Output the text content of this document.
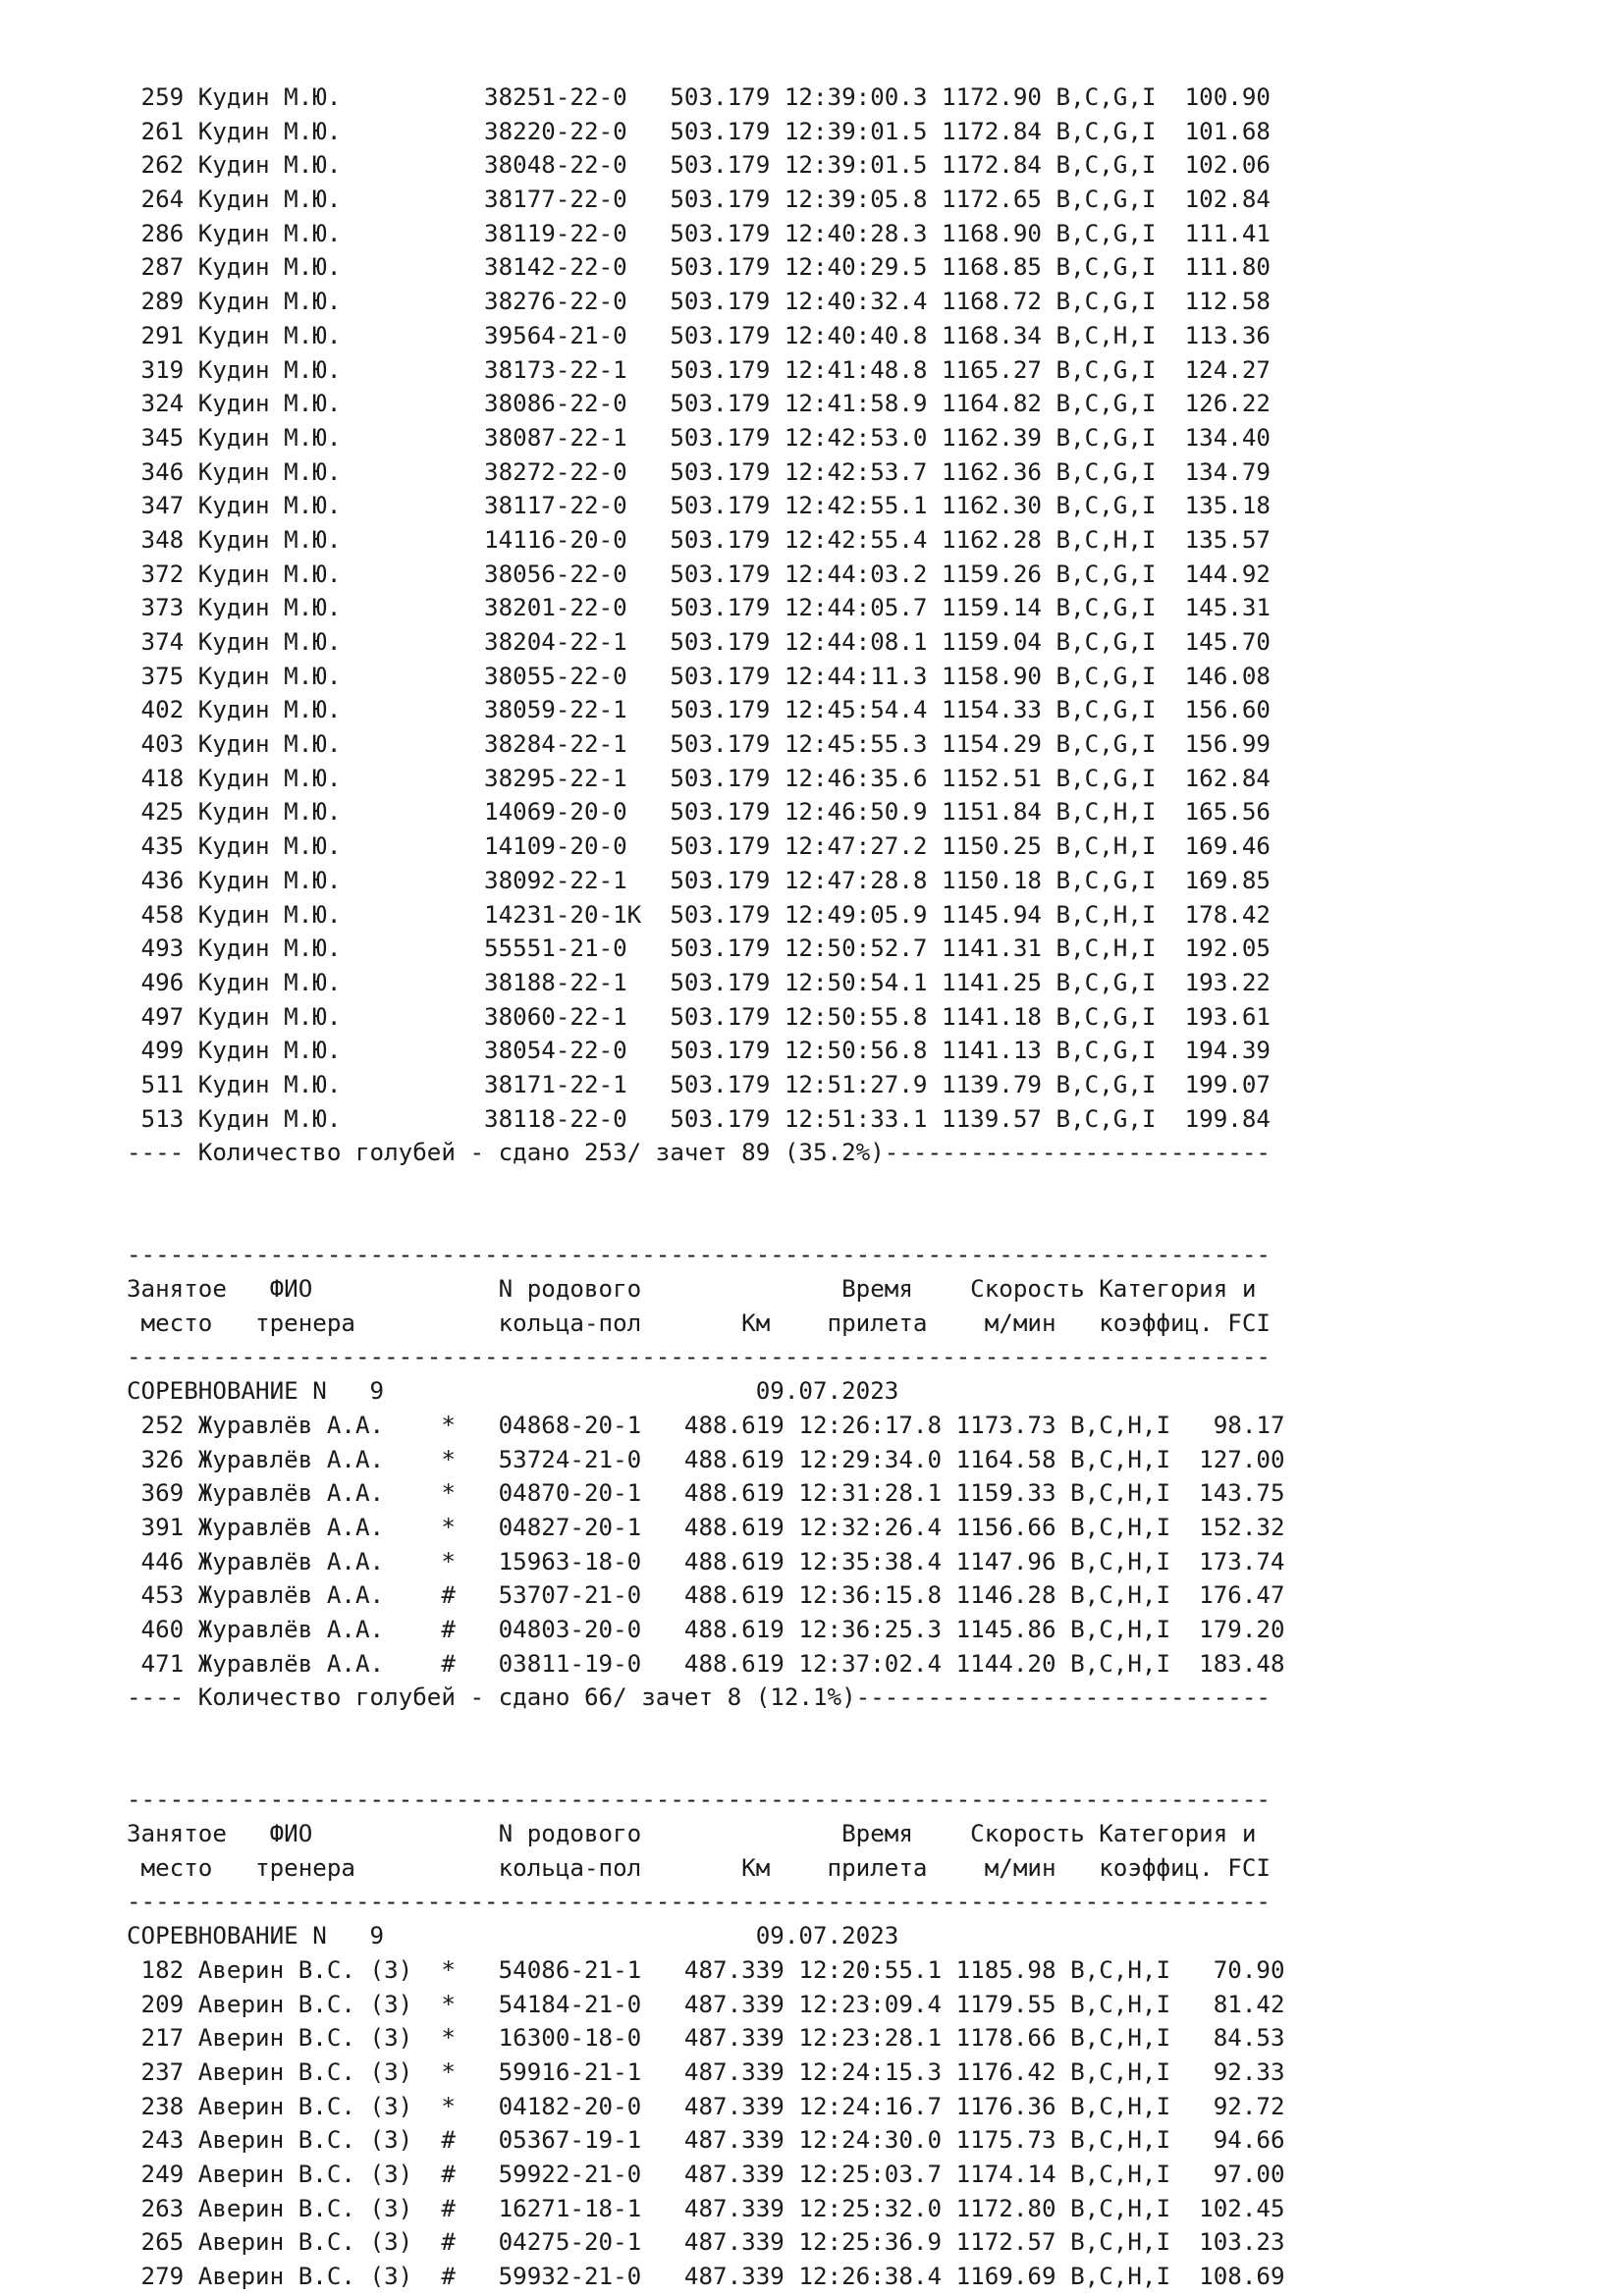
259 Кудин М.Ю.          38251-22-0   503.179 12:39:00.3 1172.90 B,C,G,I  100.90
261 Кудин М.Ю.          38220-22-0   503.179 12:39:01.5 1172.84 B,C,G,I  101.68
262 Кудин М.Ю.          38048-22-0   503.179 12:39:01.5 1172.84 B,C,G,I  102.06
264 Кудин М.Ю.          38177-22-0   503.179 12:39:05.8 1172.65 B,C,G,I  102.84
286 Кудин М.Ю.          38119-22-0   503.179 12:40:28.3 1168.90 B,C,G,I  111.41
287 Кудин М.Ю.          38142-22-0   503.179 12:40:29.5 1168.85 B,C,G,I  111.80
289 Кудин М.Ю.          38276-22-0   503.179 12:40:32.4 1168.72 B,C,G,I  112.58
291 Кудин М.Ю.          39564-21-0   503.179 12:40:40.8 1168.34 B,C,H,I  113.36
319 Кудин М.Ю.          38173-22-1   503.179 12:41:48.8 1165.27 B,C,G,I  124.27
324 Кудин М.Ю.          38086-22-0   503.179 12:41:58.9 1164.82 B,C,G,I  126.22
345 Кудин М.Ю.          38087-22-1   503.179 12:42:53.0 1162.39 B,C,G,I  134.40
346 Кудин М.Ю.          38272-22-0   503.179 12:42:53.7 1162.36 B,C,G,I  134.79
347 Кудин М.Ю.          38117-22-0   503.179 12:42:55.1 1162.30 B,C,G,I  135.18
348 Кудин М.Ю.          14116-20-0   503.179 12:42:55.4 1162.28 B,C,H,I  135.57
372 Кудин М.Ю.          38056-22-0   503.179 12:44:03.2 1159.26 B,C,G,I  144.92
373 Кудин М.Ю.          38201-22-0   503.179 12:44:05.7 1159.14 B,C,G,I  145.31
374 Кудин М.Ю.          38204-22-1   503.179 12:44:08.1 1159.04 B,C,G,I  145.70
375 Кудин М.Ю.          38055-22-0   503.179 12:44:11.3 1158.90 B,C,G,I  146.08
402 Кудин М.Ю.          38059-22-1   503.179 12:45:54.4 1154.33 B,C,G,I  156.60
403 Кудин М.Ю.          38284-22-1   503.179 12:45:55.3 1154.29 B,C,G,I  156.99
418 Кудин М.Ю.          38295-22-1   503.179 12:46:35.6 1152.51 B,C,G,I  162.84
425 Кудин М.Ю.          14069-20-0   503.179 12:46:50.9 1151.84 B,C,H,I  165.56
435 Кудин М.Ю.          14109-20-0   503.179 12:47:27.2 1150.25 B,C,H,I  169.46
436 Кудин М.Ю.          38092-22-1   503.179 12:47:28.8 1150.18 B,C,G,I  169.85
458 Кудин М.Ю.          14231-20-1K  503.179 12:49:05.9 1145.94 B,C,H,I  178.42
493 Кудин М.Ю.          55551-21-0   503.179 12:50:52.7 1141.31 B,C,H,I  192.05
496 Кудин М.Ю.          38188-22-1   503.179 12:50:54.1 1141.25 B,C,G,I  193.22
497 Кудин М.Ю.          38060-22-1   503.179 12:50:55.8 1141.18 B,C,G,I  193.61
499 Кудин М.Ю.          38054-22-0   503.179 12:50:56.8 1141.13 B,C,G,I  194.39
511 Кудин М.Ю.          38171-22-1   503.179 12:51:27.9 1139.79 B,C,G,I  199.07
513 Кудин М.Ю.          38118-22-0   503.179 12:51:33.1 1139.57 B,C,G,I  199.84
---- Количество голубей - сдано 253/ зачет 89 (35.2%)---------------------------
--------------------------------------------------------------------------------
Занятое   ФИО             N родового              Время    Скорость Категория и
место   тренера          кольца-пол       Км    прилета    м/мин   коэффиц. FCI
--------------------------------------------------------------------------------
СОРЕВНОВАНИЕ N   9                          09.07.2023
252 Журавлёв А.А.    *   04868-20-1   488.619 12:26:17.8 1173.73 B,C,H,I   98.17
326 Журавлёв А.А.    *   53724-21-0   488.619 12:29:34.0 1164.58 B,C,H,I  127.00
369 Журавлёв А.А.    *   04870-20-1   488.619 12:31:28.1 1159.33 B,C,H,I  143.75
391 Журавлёв А.А.    *   04827-20-1   488.619 12:32:26.4 1156.66 B,C,H,I  152.32
446 Журавлёв А.А.    *   15963-18-0   488.619 12:35:38.4 1147.96 B,C,H,I  173.74
453 Журавлёв А.А.    #   53707-21-0   488.619 12:36:15.8 1146.28 B,C,H,I  176.47
460 Журавлёв А.А.    #   04803-20-0   488.619 12:36:25.3 1145.86 B,C,H,I  179.20
471 Журавлёв А.А.    #   03811-19-0   488.619 12:37:02.4 1144.20 B,C,H,I  183.48
---- Количество голубей - сдано 66/ зачет 8 (12.1%)-----------------------------
--------------------------------------------------------------------------------
Занятое   ФИО             N родового              Время    Скорость Категория и
место   тренера          кольца-пол       Км    прилета    м/мин   коэффиц. FCI
--------------------------------------------------------------------------------
СОРЕВНОВАНИЕ N   9                          09.07.2023
182 Аверин В.С. (З)  *   54086-21-1   487.339 12:20:55.1 1185.98 B,C,H,I   70.90
209 Аверин В.С. (З)  *   54184-21-0   487.339 12:23:09.4 1179.55 B,C,H,I   81.42
217 Аверин В.С. (З)  *   16300-18-0   487.339 12:23:28.1 1178.66 B,C,H,I   84.53
237 Аверин В.С. (З)  *   59916-21-1   487.339 12:24:15.3 1176.42 B,C,H,I   92.33
238 Аверин В.С. (З)  *   04182-20-0   487.339 12:24:16.7 1176.36 B,C,H,I   92.72
243 Аверин В.С. (З)  #   05367-19-1   487.339 12:24:30.0 1175.73 B,C,H,I   94.66
249 Аверин В.С. (З)  #   59922-21-0   487.339 12:25:03.7 1174.14 B,C,H,I   97.00
263 Аверин В.С. (З)  #   16271-18-1   487.339 12:25:32.0 1172.80 B,C,H,I  102.45
265 Аверин В.С. (З)  #   04275-20-1   487.339 12:25:36.9 1172.57 B,C,H,I  103.23
279 Аверин В.С. (З)  #   59932-21-0   487.339 12:26:38.4 1169.69 B,C,H,I  108.69
